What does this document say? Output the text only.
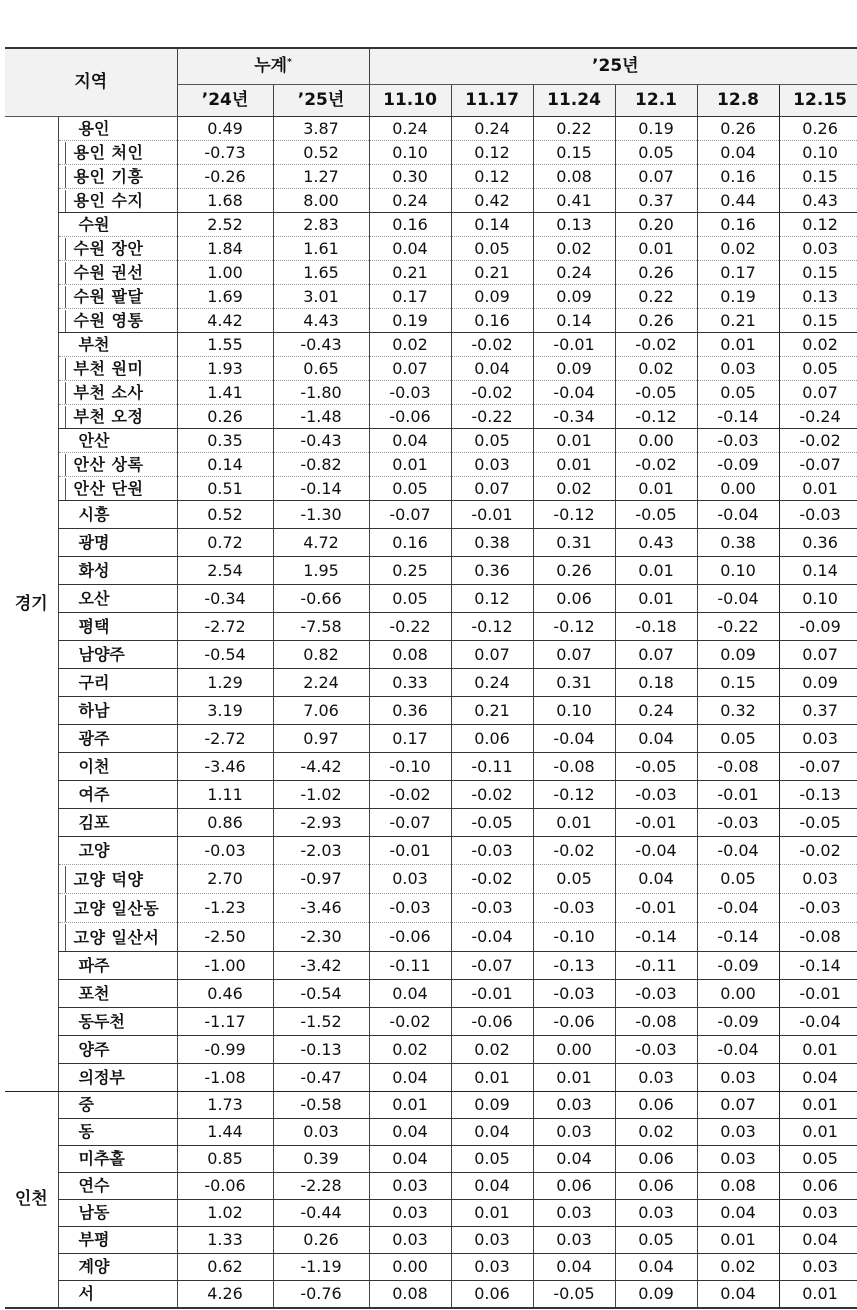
지역		누계*		’25년					
		’24년	’25년	11.10	11.17	11.24	12.1	12.8	12.15
경기	용인	0.49	3.87	0.24	0.24	0.22	0.19	0.26	0.26
	용인 처인	-0.73	0.52	0.10	0.12	0.15	0.05	0.04	0.10
	용인 기흥	-0.26	1.27	0.30	0.12	0.08	0.07	0.16	0.15
	용인 수지	1.68	8.00	0.24	0.42	0.41	0.37	0.44	0.43
	수원	2.52	2.83	0.16	0.14	0.13	0.20	0.16	0.12
	수원 장안	1.84	1.61	0.04	0.05	0.02	0.01	0.02	0.03
	수원 권선	1.00	1.65	0.21	0.21	0.24	0.26	0.17	0.15
	수원 팔달	1.69	3.01	0.17	0.09	0.09	0.22	0.19	0.13
	수원 영통	4.42	4.43	0.19	0.16	0.14	0.26	0.21	0.15
	부천	1.55	-0.43	0.02	-0.02	-0.01	-0.02	0.01	0.02
	부천 원미	1.93	0.65	0.07	0.04	0.09	0.02	0.03	0.05
	부천 소사	1.41	-1.80	-0.03	-0.02	-0.04	-0.05	0.05	0.07
	부천 오정	0.26	-1.48	-0.06	-0.22	-0.34	-0.12	-0.14	-0.24
	안산	0.35	-0.43	0.04	0.05	0.01	0.00	-0.03	-0.02
	안산 상록	0.14	-0.82	0.01	0.03	0.01	-0.02	-0.09	-0.07
	안산 단원	0.51	-0.14	0.05	0.07	0.02	0.01	0.00	0.01
	시흥	0.52	-1.30	-0.07	-0.01	-0.12	-0.05	-0.04	-0.03
	광명	0.72	4.72	0.16	0.38	0.31	0.43	0.38	0.36
	화성	2.54	1.95	0.25	0.36	0.26	0.01	0.10	0.14
	오산	-0.34	-0.66	0.05	0.12	0.06	0.01	-0.04	0.10
	평택	-2.72	-7.58	-0.22	-0.12	-0.12	-0.18	-0.22	-0.09
	남양주	-0.54	0.82	0.08	0.07	0.07	0.07	0.09	0.07
	구리	1.29	2.24	0.33	0.24	0.31	0.18	0.15	0.09
	하남	3.19	7.06	0.36	0.21	0.10	0.24	0.32	0.37
	광주	-2.72	0.97	0.17	0.06	-0.04	0.04	0.05	0.03
	이천	-3.46	-4.42	-0.10	-0.11	-0.08	-0.05	-0.08	-0.07
	여주	1.11	-1.02	-0.02	-0.02	-0.12	-0.03	-0.01	-0.13
	김포	0.86	-2.93	-0.07	-0.05	0.01	-0.01	-0.03	-0.05
	고양	-0.03	-2.03	-0.01	-0.03	-0.02	-0.04	-0.04	-0.02
	고양 덕양	2.70	-0.97	0.03	-0.02	0.05	0.04	0.05	0.03
	고양 일산동	-1.23	-3.46	-0.03	-0.03	-0.03	-0.01	-0.04	-0.03
	고양 일산서	-2.50	-2.30	-0.06	-0.04	-0.10	-0.14	-0.14	-0.08
	파주	-1.00	-3.42	-0.11	-0.07	-0.13	-0.11	-0.09	-0.14
	포천	0.46	-0.54	0.04	-0.01	-0.03	-0.03	0.00	-0.01
	동두천	-1.17	-1.52	-0.02	-0.06	-0.06	-0.08	-0.09	-0.04
	양주	-0.99	-0.13	0.02	0.02	0.00	-0.03	-0.04	0.01
	의정부	-1.08	-0.47	0.04	0.01	0.01	0.03	0.03	0.04
인천	중	1.73	-0.58	0.01	0.09	0.03	0.06	0.07	0.01
	동	1.44	0.03	0.04	0.04	0.03	0.02	0.03	0.01
	미추홀	0.85	0.39	0.04	0.05	0.04	0.06	0.03	0.05
	연수	-0.06	-2.28	0.03	0.04	0.06	0.06	0.08	0.06
	남동	1.02	-0.44	0.03	0.01	0.03	0.03	0.04	0.03
	부평	1.33	0.26	0.03	0.03	0.03	0.05	0.01	0.04
	계양	0.62	-1.19	0.00	0.03	0.04	0.04	0.02	0.03
	서	4.26	-0.76	0.08	0.06	-0.05	0.09	0.04	0.01
